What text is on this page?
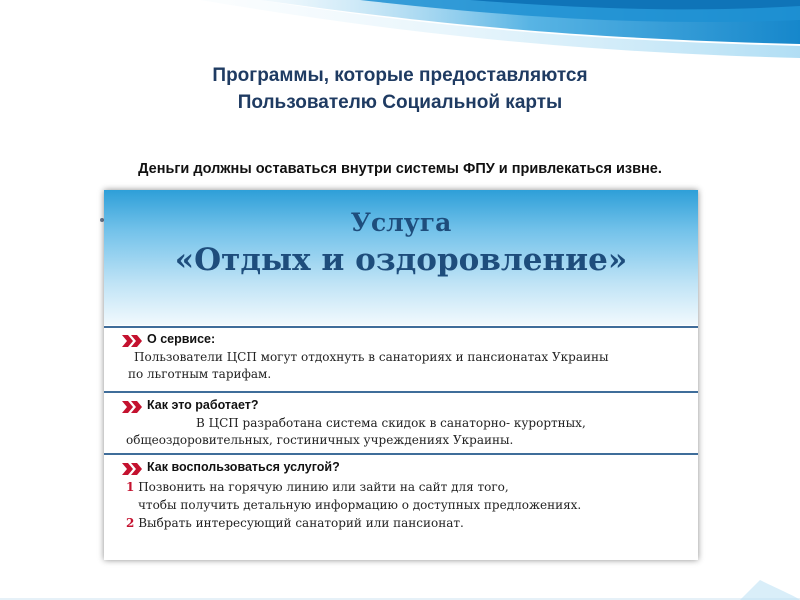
Программы, которые предоставляются
Пользователю Социальной карты
Деньги должны оставаться внутри системы ФПУ и привлекаться извне.
Услуга
«Отдых и оздоровление»
О сервисе:
Пользователи ЦСП могут отдохнуть в санаториях и пансионатах Украины
по льготным тарифам.
Как это работает?
В ЦСП разработана система скидок в санаторно- курортных,
общеоздоровительных, гостиничных учреждениях Украины.
Как воспользоваться услугой?
1 Позвонить на горячую линию или зайти на сайт для того,
чтобы получить детальную информацию о доступных предложениях.
2 Выбрать интересующий санаторий или пансионат.
